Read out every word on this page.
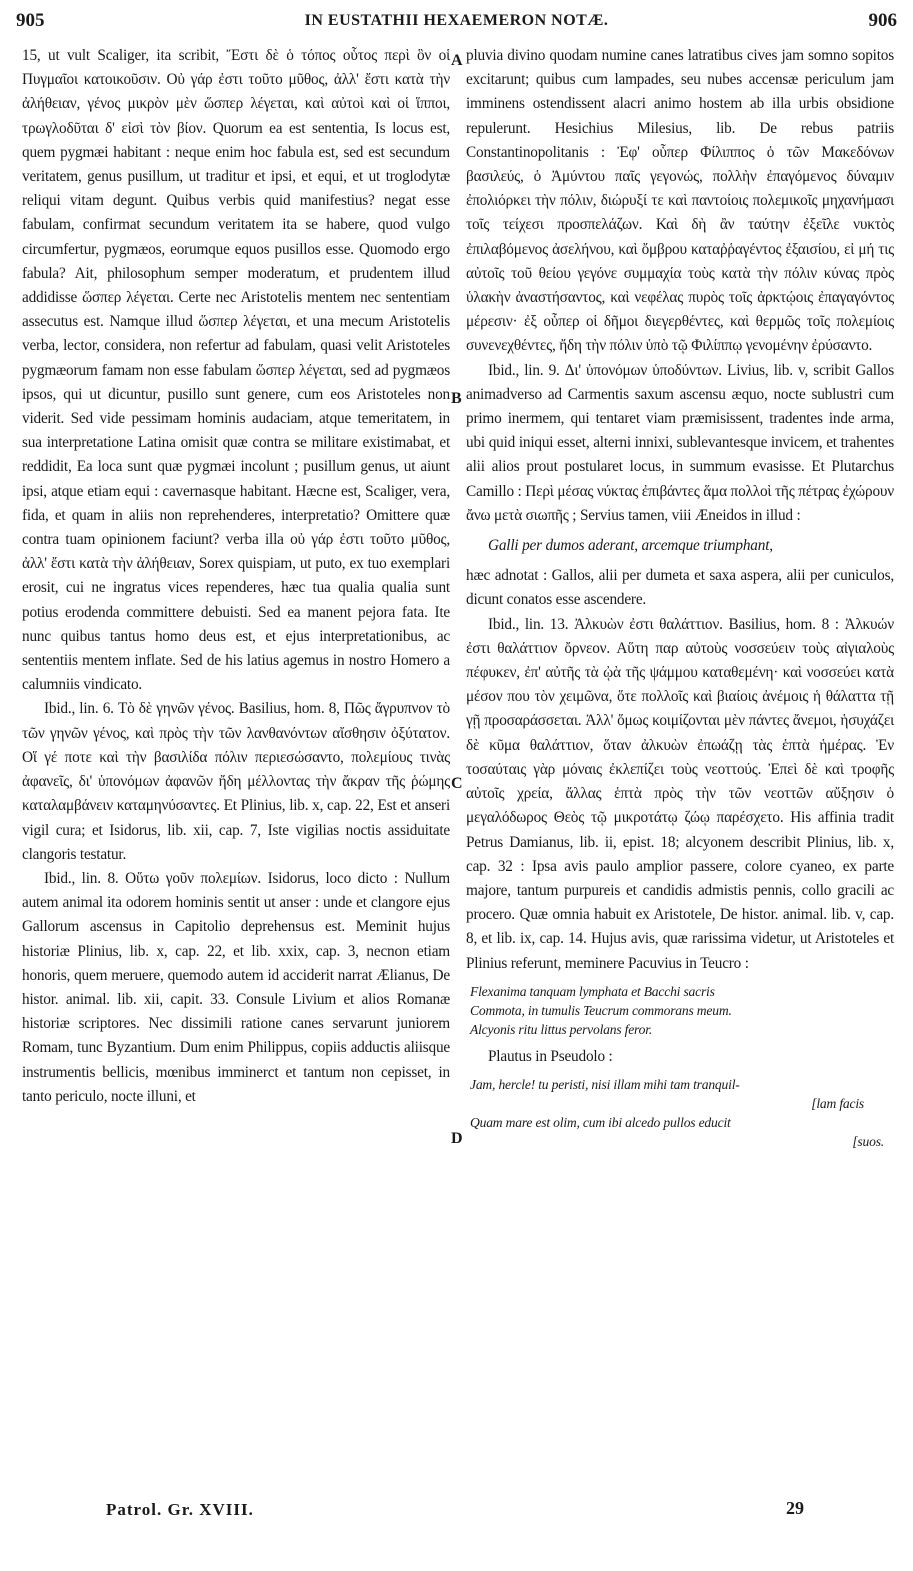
905	IN EUSTATHII HEXAEMERON NOTÆ.	906

15, ut vult Scaliger, ita scribit, Ἔστι δὲ ὁ τόπος οὗτος περὶ ὃν οἱ Πυγμαῖοι κατοικοῦσιν. Οὐ γάρ ἐστι τοῦτο μῦθος, ἀλλ' ἔστι κατὰ τὴν ἀλήθειαν, γένος μικρὸν μὲν ὥσπερ λέγεται, καὶ αὐτοὶ καὶ οἱ ἵπποι, τρωγλοδῦται δ' εἰσὶ τὸν βίον. Quorum ea est sententia, Is locus est, quem pygmæi habitant : neque enim hoc fabula est, sed est secundum veritatem, genus pusillum, ut traditur et ipsi, et equi, et ut troglodytæ reliqui vitam degunt. Quibus verbis quid manifestius? negat esse fabulam, confirmat secundum veritatem ita se habere, quod vulgo circumfertur, pygmæos, eorumque equos pusillos esse. Quomodo ergo fabula? Ait, philosophum semper moderatum, et prudentem illud addidisse ὥσπερ λέγεται. Certe nec Aristotelis mentem nec sententiam assecutus est. Namque illud ὥσπερ λέγεται, et una mecum Aristotelis verba, lector, considera, non refertur ad fabulam, quasi velit Aristoteles pygmæorum famam non esse fabulam ὥσπερ λέγεται, sed ad pygmæos ipsos, qui ut dicuntur, pusillo sunt genere, cum eos Aristoteles non viderit. Sed vide pessimam hominis audaciam, atque temeritatem, in sua interpretatione Latina omisit quæ contra se militare existimabat, et reddidit, Ea loca sunt quæ pygmæi incolunt ; pusillum genus, ut aiunt ipsi, atque etiam equi : cavernasque habitant. Hæcne est, Scaliger, vera, fida, et quam in aliis non reprehenderes, interpretatio? Omittere quæ contra tuam opinionem faciunt? verba illa οὐ γάρ ἐστι τοῦτο μῦθος, ἀλλ' ἔστι κατὰ τὴν ἀλήθειαν, Sorex quispiam, ut puto, ex tuo exemplari erosit, cui ne ingratus vices rependeres, hæc tua qualia qualia sunt potius erodenda committere debuisti. Sed ea manent pejora fata. Ite nunc quibus tantus homo deus est, et ejus interpretationibus, ac sententiis mentem inflate. Sed de his latius agemus in nostro Homero a calumniis vindicato.

Ibid., lin. 6. Τὸ δὲ γηνῶν γένος. Basilius, hom. 8, Πῶς ἄγρυπνον τὸ τῶν γηνῶν γένος, καὶ πρὸς τὴν τῶν λανθανόντων αἴσθησιν ὀξύτατον. Οἵ γέ ποτε καὶ τὴν βασιλίδα πόλιν περιεσώσαντο, πολεμίους τινὰς ἀφανεῖς, δι' ὑπονόμων ἀφανῶν ἤδη μέλλοντας τὴν ἄκραν τῆς ῥώμης καταλαμβάνειν καταμηνύσαντες. Et Plinius, lib. x, cap. 22, Est et anseri vigil cura; et Isidorus, lib. xii, cap. 7, Iste vigilias noctis assiduitate clangoris testatur.

Ibid., lin. 8. Οὕτω γοῦν πολεμίων. Isidorus, loco dicto : Nullum autem animal ita odorem hominis sentit ut anser : unde et clangore ejus Gallorum ascensus in Capitolio deprehensus est. Meminit hujus historiæ Plinius, lib. x, cap. 22, et lib. xxix, cap. 3, necnon etiam honoris, quem meruere, quemodo autem id acciderit narrat Ælianus, De histor. animal. lib. xii, capit. 33. Consule Livium et alios Romanæ historiæ scriptores. Nec dissimili ratione canes servarunt juniorem Romam, tunc Byzantium. Dum enim Philippus, copiis adductis aliisque instrumentis bellicis, mœnibus imminerct et tantum non cepisset, in tanto periculo, nocte illuni, et

A
B
C
D

pluvia divino quodam numine canes latratibus cives jam somno sopitos excitarunt; quibus cum lampades, seu nubes accensæ periculum jam imminens ostendissent alacri animo hostem ab illa urbis obsidione repulerunt. Hesichius Milesius, lib. De rebus patriis Constantinopolitanis : Ἐφ' οὗπερ Φίλιππος ὁ τῶν Μακεδόνων βασιλεύς, ὁ Ἀμύντου παῖς γεγονώς, πολλὴν ἐπαγόμενος δύναμιν ἐπολιόρκει τὴν πόλιν, διώρυξί τε καὶ παντοίοις πολεμικοῖς μηχανήμασι τοῖς τείχεσι προσπελάζων. Καὶ δὴ ἂν ταύτην ἐξεῖλε νυκτὸς ἐπιλαβόμενος ἀσελήνου, καὶ ὄμβρου καταῤῥαγέντος ἐξαισίου, εἰ μή τις αὐτοῖς τοῦ θείου γεγόνε συμμαχία τοὺς κατὰ τὴν πόλιν κύνας πρὸς ὑλακὴν ἀναστήσαντος, καὶ νεφέλας πυρὸς τοῖς ἀρκτῴοις ἐπαγαγόντος μέρεσιν· ἐξ οὗπερ οἱ δῆμοι διεγερθέντες, καὶ θερμῶς τοῖς πολεμίοις συνενεχθέντες, ἤδη τὴν πόλιν ὑπὸ τῷ Φιλίππῳ γενομένην ἐρύσαντο.

Ibid., lin. 9. Δι' ὑπονόμων ὑποδύντων. Livius, lib. v, scribit Gallos animadverso ad Carmentis saxum ascensu æquo, nocte sublustri cum primo inermem, qui tentaret viam præmisissent, tradentes inde arma, ubi quid iniqui esset, alterni innixi, sublevantesque invicem, et trahentes alii alios prout postularet locus, in summum evasisse. Et Plutarchus Camillo : Περὶ μέσας νύκτας ἐπιβάντες ἅμα πολλοὶ τῆς πέτρας ἐχώρουν ἄνω μετὰ σιωπῆς ; Servius tamen, viii Æneidos in illud :

Galli per dumos aderant, arcemque triumphant,

hæc adnotat : Gallos, alii per dumeta et saxa aspera, alii per cuniculos, dicunt conatos esse ascendere.

Ibid., lin. 13. Ἀλκυὼν ἐστι θαλάττιον. Basilius, hom. 8 : Ἀλκυών ἐστι θαλάττιον ὄρνεον. Αὕτη παρ αὐτοὺς νοσσεύειν τοὺς αἰγιαλοὺς πέφυκεν, ἐπ' αὐτῆς τὰ ᾠὰ τῆς ψάμμου καταθεμένη· καὶ νοσσεύει κατὰ μέσον που τὸν χειμῶνα, ὅτε πολλοῖς καὶ βιαίοις ἀνέμοις ἡ θάλαττα τῇ γῇ προσαράσσεται. Ἀλλ' ὅμως κοιμίζονται μὲν πάντες ἄνεμοι, ἡσυχάζει δὲ κῦμα θαλάττιον, ὅταν ἀλκυὼν ἐπωάζῃ τὰς ἑπτὰ ἡμέρας. Ἐν τοσαύταις γὰρ μόναις ἐκλεπίζει τοὺς νεοττούς. Ἐπεὶ δὲ καὶ τροφῆς αὐτοῖς χρεία, ἄλλας ἑπτὰ πρὸς τὴν τῶν νεοττῶν αὔξησιν ὁ μεγαλόδωρος Θεὸς τῷ μικροτάτῳ ζώῳ παρέσχετο. His affinia tradit Petrus Damianus, lib. ii, epist. 18; alcyonem describit Plinius, lib. x, cap. 32 : Ipsa avis paulo amplior passere, colore cyaneo, ex parte majore, tantum purpureis et candidis admistis pennis, collo gracili ac procero. Quæ omnia habuit ex Aristotele, De histor. animal. lib. v, cap. 8, et lib. ix, cap. 14. Hujus avis, quæ rarissima videtur, ut Aristoteles et Plinius referunt, meminere Pacuvius in Teucro :

Flexanima tanquam lymphata et Bacchi sacris

Commota, in tumulis Teucrum commorans meum.

Alcyonis ritu littus pervolans feror.

Plautus in Pseudolo :

Jam, hercle! tu peristi, nisi illam mihi tam tranquil-

[lam facis

Quam mare est olim, cum ibi alcedo pullos educit

[suos.

Patrol. Gr. XVIII.	29
